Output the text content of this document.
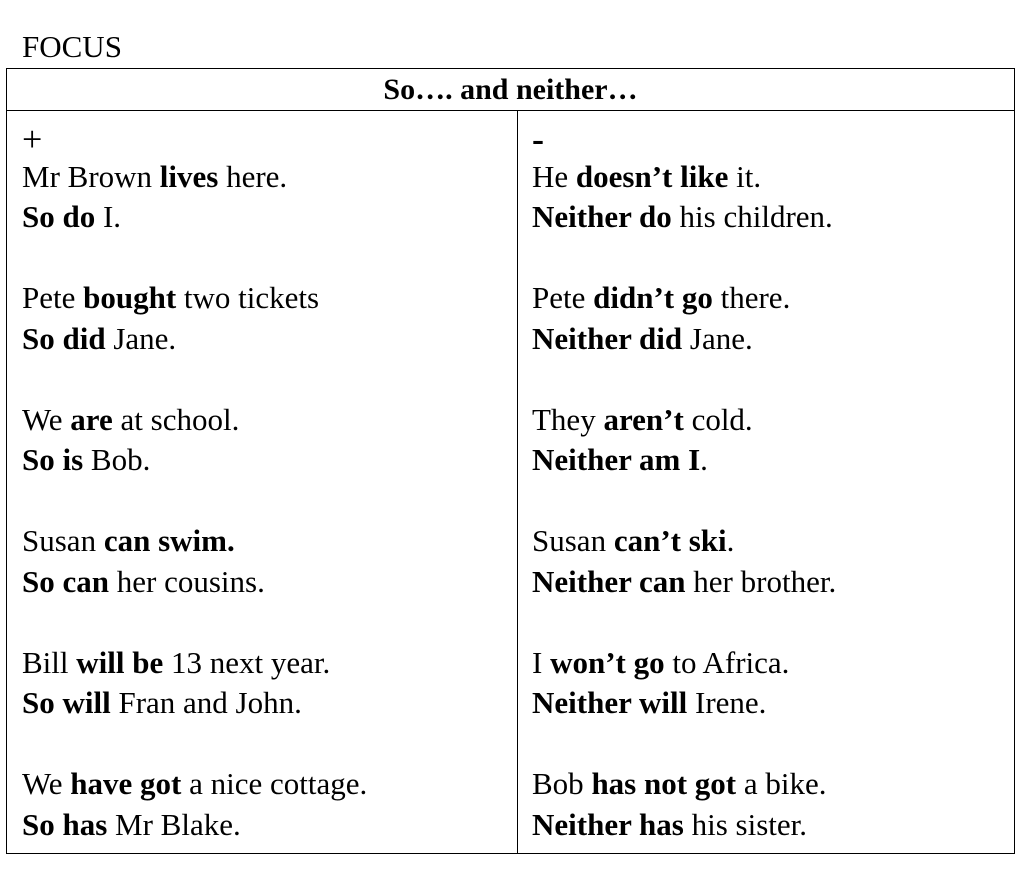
FOCUS
So…. and neither…
+
Mr Brown lives here.
So do I.
Pete bought two tickets
So did Jane.
We are at school.
So is Bob.
Susan can swim.
So can her cousins.
Bill will be 13 next year.
So will Fran and John.
We have got a nice cottage.
So has Mr Blake.
-
He doesn’t like it.
Neither do his children.
Pete didn’t go there.
Neither did Jane.
They aren’t cold.
Neither am I.
Susan can’t ski.
Neither can her brother.
I won’t go to Africa.
Neither will Irene.
Bob has not got a bike.
Neither has his sister.
